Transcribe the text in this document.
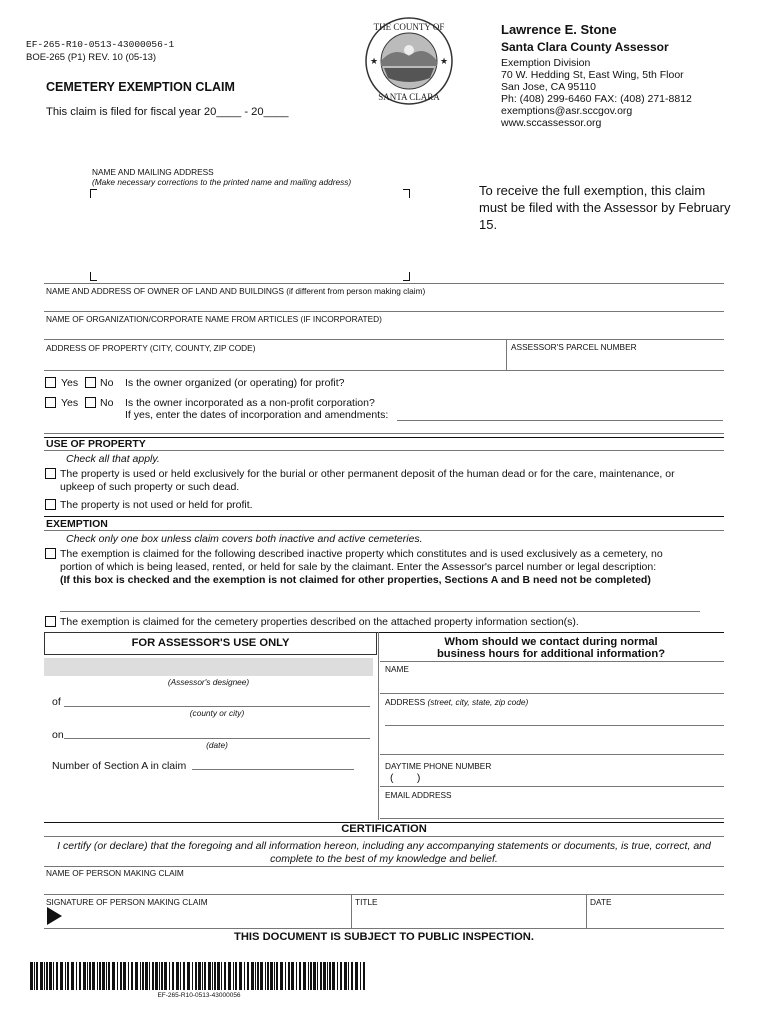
EF-265-R10-0513-43000056-1
BOE-265 (P1) REV. 10 (05-13)
CEMETERY EXEMPTION CLAIM
This claim is filed for fiscal year 20____ - 20____
THE COUNTY OF
SANTA CLARA
★	★
Lawrence E. Stone
Santa Clara County Assessor
Exemption Division
70 W. Hedding St, East Wing, 5th Floor
San Jose, CA 95110
Ph: (408) 299-6460 FAX: (408) 271-8812
exemptions@asr.sccgov.org
www.sccassessor.org
NAME AND MAILING ADDRESS
(Make necessary corrections to the printed name and mailing address)
To receive the full exemption, this claim must be filed with the Assessor by February 15.
NAME AND ADDRESS OF OWNER OF LAND AND BUILDINGS (if different from person making claim)
NAME OF ORGANIZATION/CORPORATE NAME FROM ARTICLES (IF INCORPORATED)
ADDRESS OF PROPERTY (CITY, COUNTY, ZIP CODE)	ASSESSOR'S PARCEL NUMBER
Yes No Is the owner organized (or operating) for profit?
Yes No Is the owner incorporated as a non-profit corporation?
If yes, enter the dates of incorporation and amendments:
USE OF PROPERTY
Check all that apply.
The property is used or held exclusively for the burial or other permanent deposit of the human dead or for the care, maintenance, or
upkeep of such property or such dead.
The property is not used or held for profit.
EXEMPTION
Check only one box unless claim covers both inactive and active cemeteries.
The exemption is claimed for the following described inactive property which constitutes and is used exclusively as a cemetery, no
portion of which is being leased, rented, or held for sale by the claimant. Enter the Assessor's parcel number or legal description:
(If this box is checked and the exemption is not claimed for other properties, Sections A and B need not be completed)
The exemption is claimed for the cemetery properties described on the attached property information section(s).
FOR ASSESSOR'S USE ONLY
(Assessor's designee)
of
(county or city)
on
(date)
Number of Section A in claim
Whom should we contact during normal
business hours for additional information?
NAME
ADDRESS (street, city, state, zip code)
DAYTIME PHONE NUMBER
(        )
EMAIL ADDRESS
CERTIFICATION
I certify (or declare) that the foregoing and all information hereon, including any accompanying statements or documents, is true, correct, and
complete to the best of my knowledge and belief.
NAME OF PERSON MAKING CLAIM
SIGNATURE OF PERSON MAKING CLAIM	TITLE	DATE
THIS DOCUMENT IS SUBJECT TO PUBLIC INSPECTION.
EF-265-R10-0513-43000056
